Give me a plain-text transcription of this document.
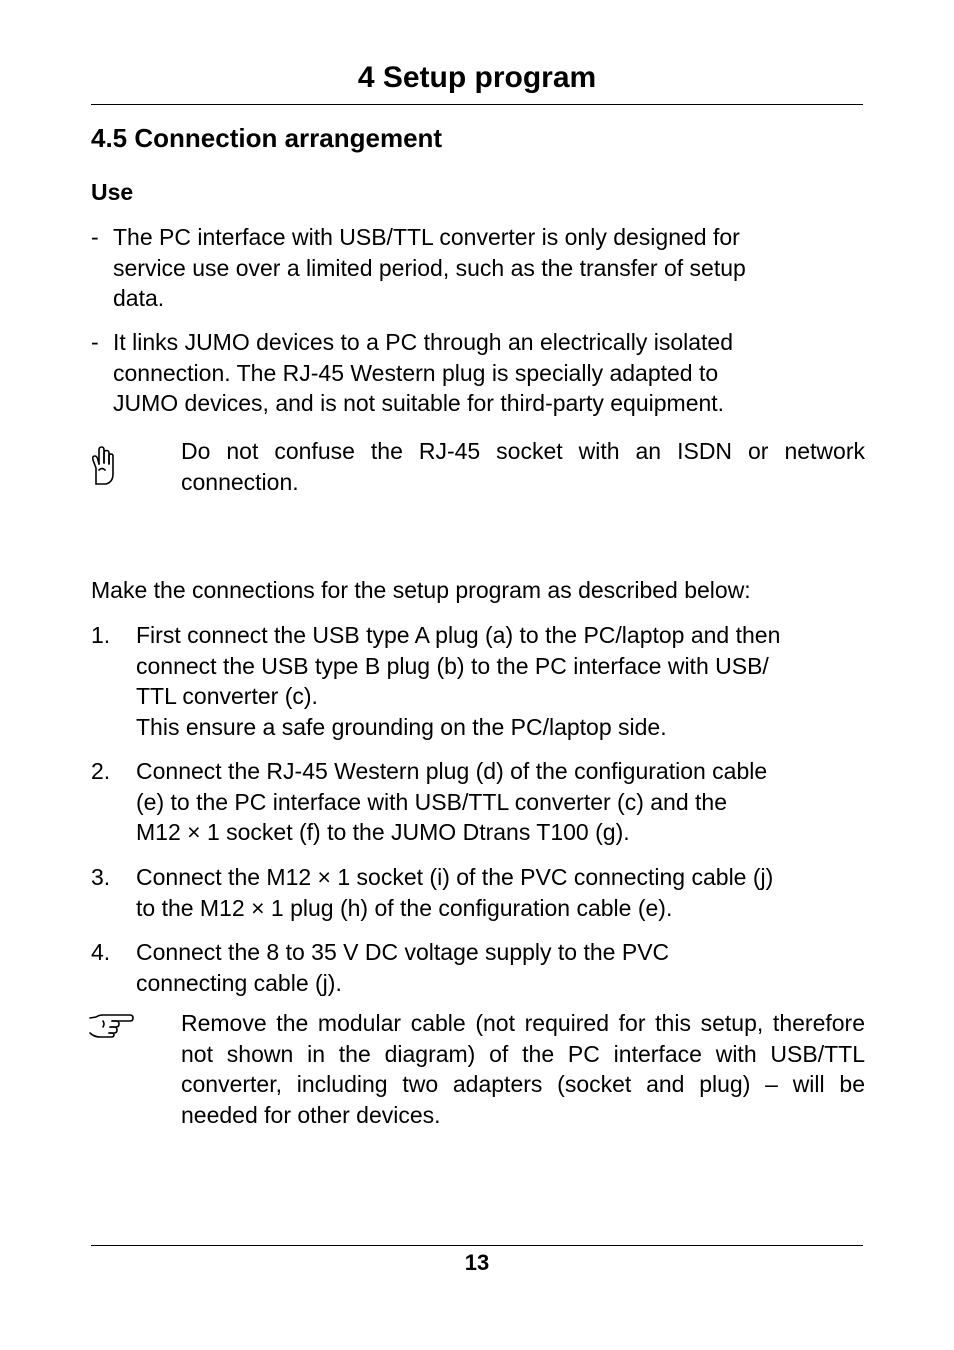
4 Setup program
4.5 Connection arrangement
Use
- The PC interface with USB/TTL converter is only designed for
service use over a limited period, such as the transfer of setup
data.
- It links JUMO devices to a PC through an electrically isolated
connection. The RJ-45 Western plug is specially adapted to
JUMO devices, and is not suitable for third-party equipment.
Do not confuse the RJ-45 socket with an ISDN or network connection.
Make the connections for the setup program as described below:
1. First connect the USB type A plug (a) to the PC/laptop and then
connect the USB type B plug (b) to the PC interface with USB/
TTL converter (c).
This ensure a safe grounding on the PC/laptop side.
2. Connect the RJ-45 Western plug (d) of the configuration cable
(e) to the PC interface with USB/TTL converter (c) and the
M12 × 1 socket (f) to the JUMO Dtrans T100 (g).
3. Connect the M12 × 1 socket (i) of the PVC connecting cable (j)
to the M12 × 1 plug (h) of the configuration cable (e).
4. Connect the 8 to 35 V DC voltage supply to the PVC
connecting cable (j).
Remove the modular cable (not required for this setup, therefore not shown in the diagram) of the PC interface with USB/TTL converter, including two adapters (socket and plug) – will be needed for other devices.
13
